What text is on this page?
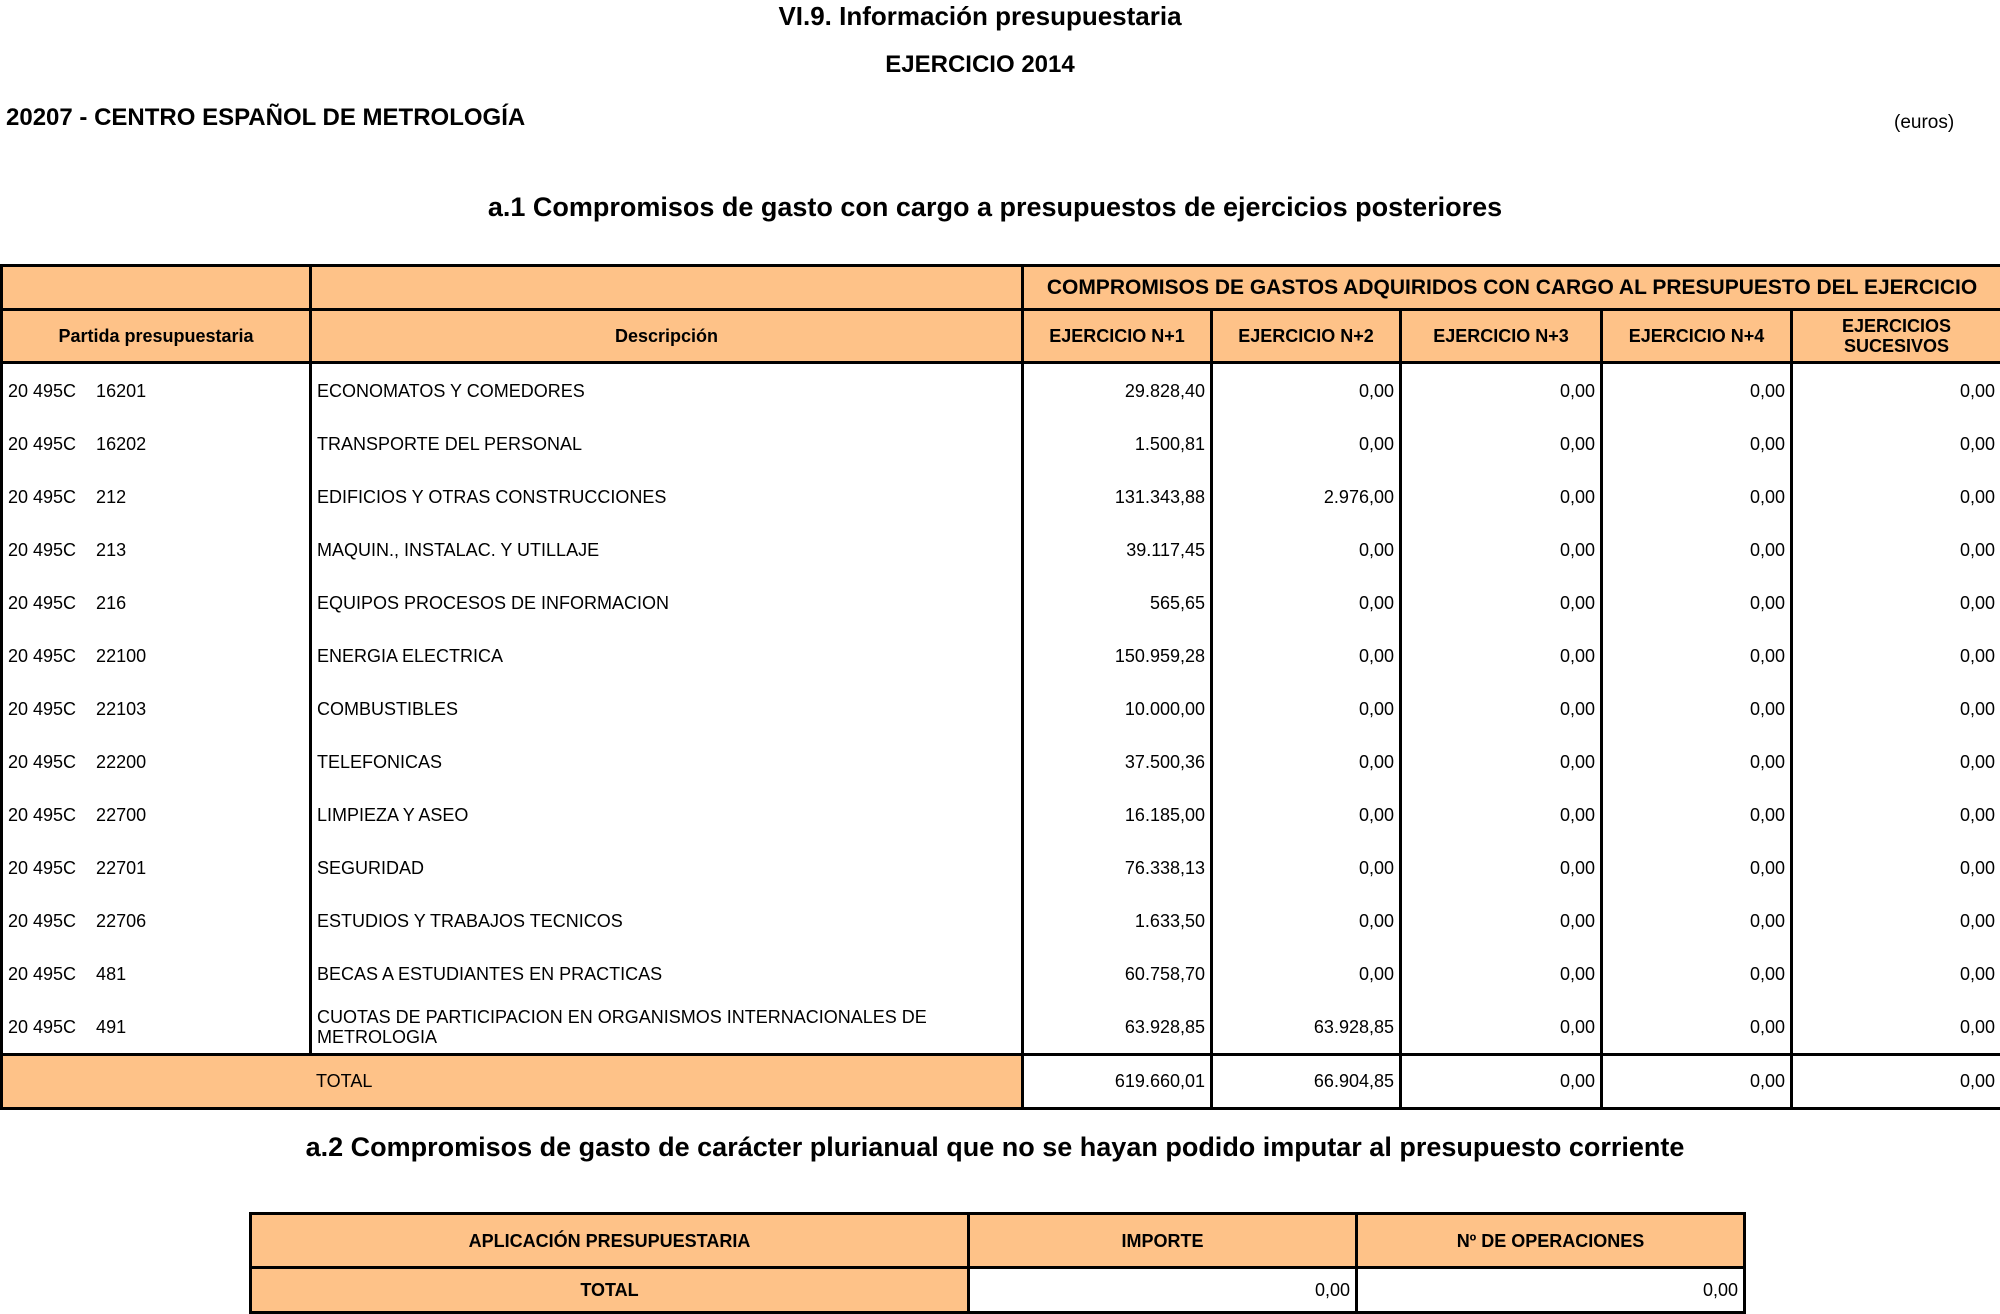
VI.9. Información presupuestaria
EJERCICIO 2014
20207 - CENTRO ESPAÑOL DE METROLOGÍA	(euros)
a.1 Compromisos de gasto con cargo a presupuestos de ejercicios posteriores
		COMPROMISOS DE GASTOS ADQUIRIDOS CON CARGO AL PRESUPUESTO DEL EJERCICIO				
Partida presupuestaria	Descripción	EJERCICIO N+1	EJERCICIO N+2	EJERCICIO N+3	EJERCICIO N+4	EJERCICIOS SUCESIVOS
20 495C    16201	ECONOMATOS Y COMEDORES	29.828,40	0,00	0,00	0,00	0,00
20 495C    16202	TRANSPORTE DEL PERSONAL	1.500,81	0,00	0,00	0,00	0,00
20 495C    212	EDIFICIOS Y OTRAS CONSTRUCCIONES	131.343,88	2.976,00	0,00	0,00	0,00
20 495C    213	MAQUIN., INSTALAC. Y UTILLAJE	39.117,45	0,00	0,00	0,00	0,00
20 495C    216	EQUIPOS PROCESOS DE INFORMACION	565,65	0,00	0,00	0,00	0,00
20 495C    22100	ENERGIA ELECTRICA	150.959,28	0,00	0,00	0,00	0,00
20 495C    22103	COMBUSTIBLES	10.000,00	0,00	0,00	0,00	0,00
20 495C    22200	TELEFONICAS	37.500,36	0,00	0,00	0,00	0,00
20 495C    22700	LIMPIEZA Y ASEO	16.185,00	0,00	0,00	0,00	0,00
20 495C    22701	SEGURIDAD	76.338,13	0,00	0,00	0,00	0,00
20 495C    22706	ESTUDIOS Y TRABAJOS TECNICOS	1.633,50	0,00	0,00	0,00	0,00
20 495C    481	BECAS A ESTUDIANTES EN PRACTICAS	60.758,70	0,00	0,00	0,00	0,00
20 495C    491	CUOTAS DE PARTICIPACION EN ORGANISMOS INTERNACIONALES DE METROLOGIA	63.928,85	63.928,85	0,00	0,00	0,00
TOTAL		619.660,01	66.904,85	0,00	0,00	0,00
a.2 Compromisos de gasto de carácter plurianual que no se hayan podido imputar al presupuesto corriente
APLICACIÓN PRESUPUESTARIA	IMPORTE	Nº DE OPERACIONES
TOTAL	0,00	0,00
